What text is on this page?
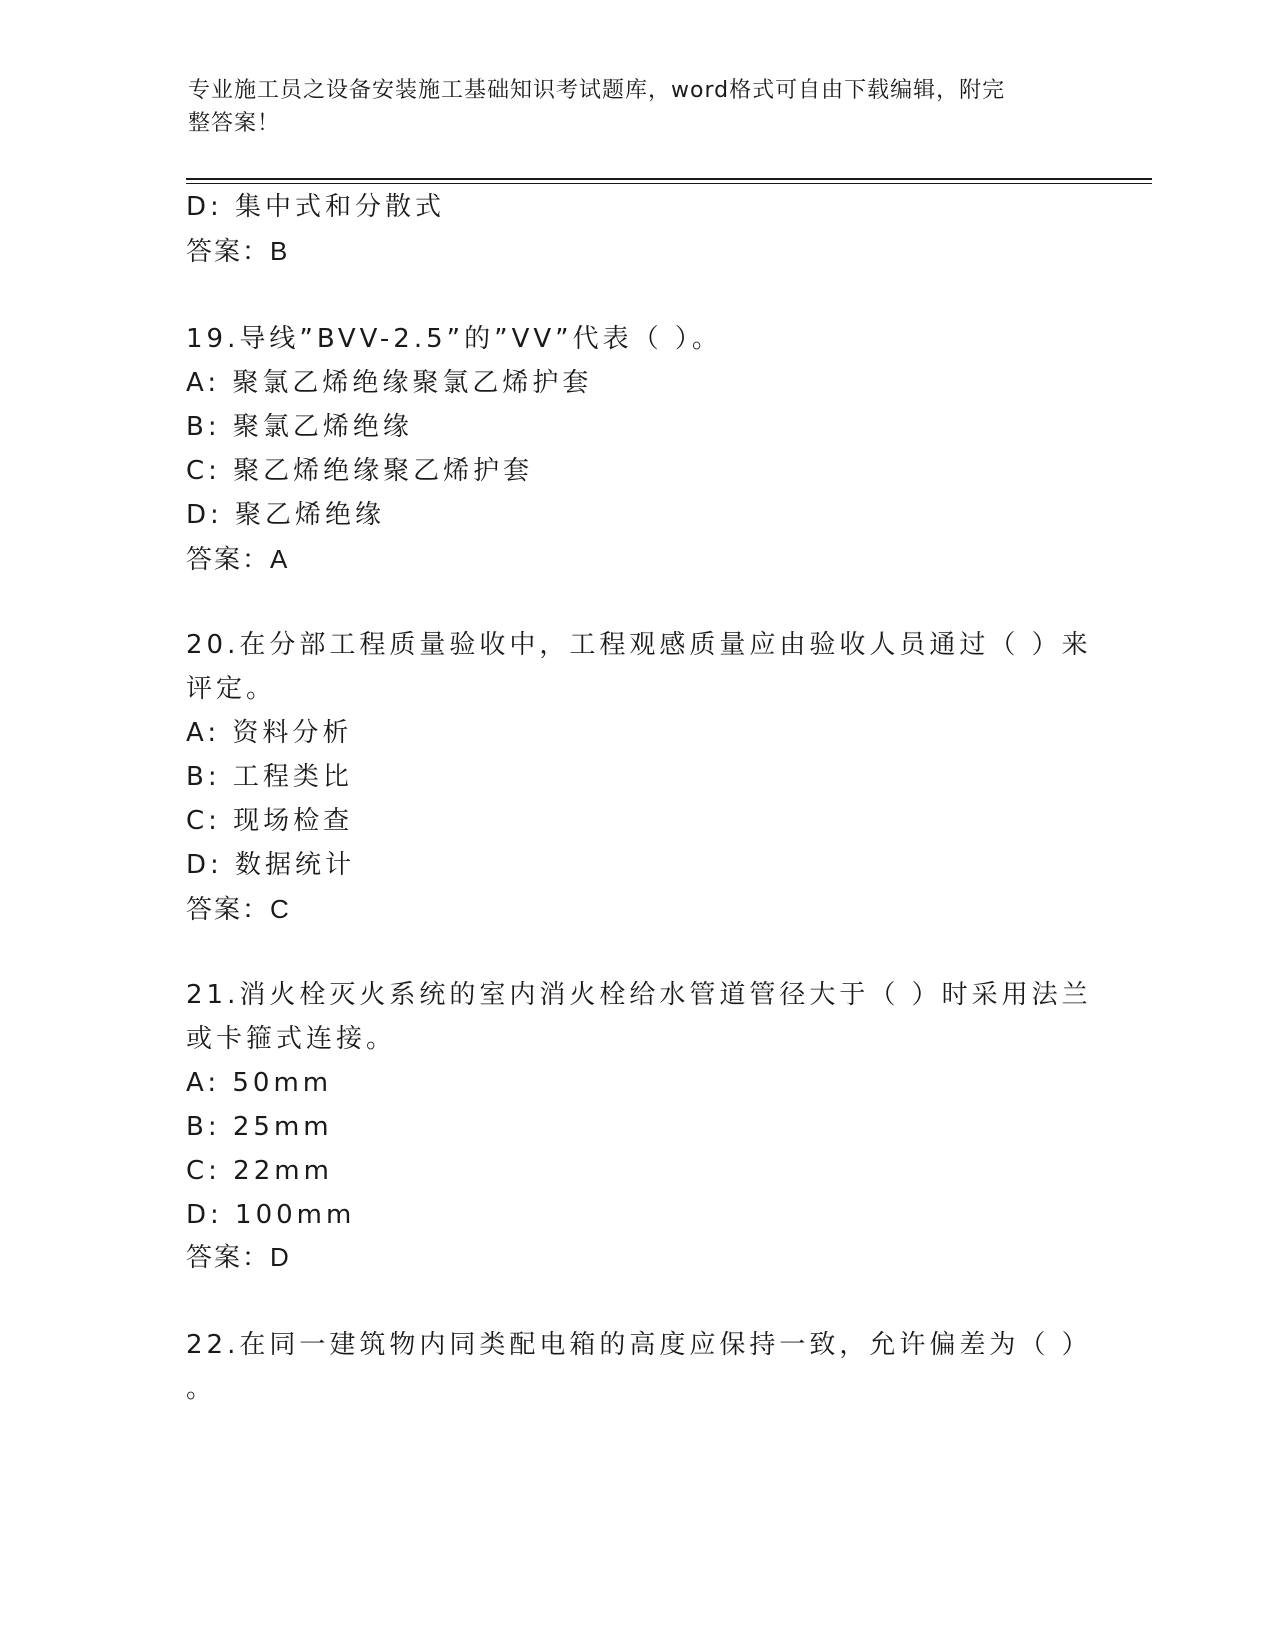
专业施工员之设备安装施工基础知识考试题库，word格式可自由下载编辑，附完
整答案！
D: 集中式和分散式
答案：B
19.导线”BVV-2.5”的”VV”代表（ ）。
A: 聚氯乙烯绝缘聚氯乙烯护套
B: 聚氯乙烯绝缘
C: 聚乙烯绝缘聚乙烯护套
D: 聚乙烯绝缘
答案：A
20.在分部工程质量验收中，工程观感质量应由验收人员通过（ ）来
评定。
A: 资料分析
B: 工程类比
C: 现场检查
D: 数据统计
答案：C
21.消火栓灭火系统的室内消火栓给水管道管径大于（ ）时采用法兰
或卡箍式连接。
A: 50mm
B: 25mm
C: 22mm
D: 100mm
答案：D
22.在同一建筑物内同类配电箱的高度应保持一致，允许偏差为（ ）
。
